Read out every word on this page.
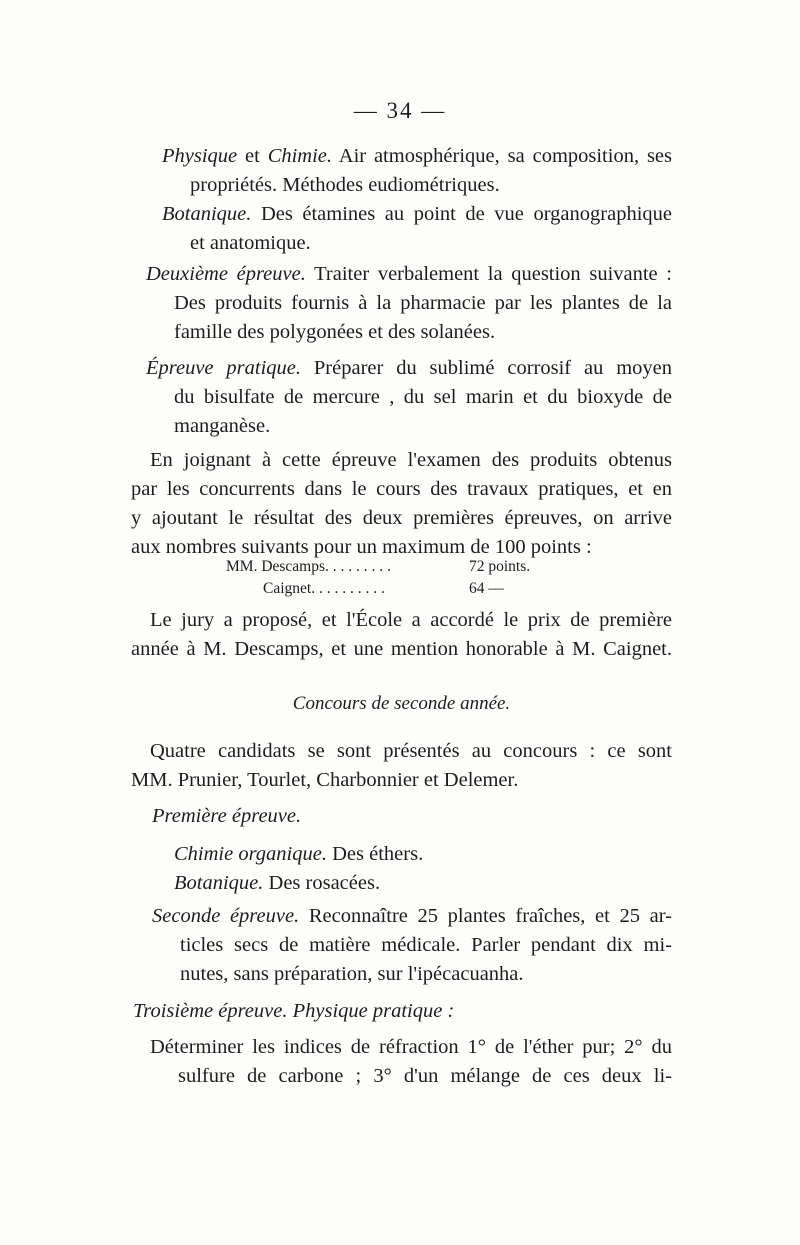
— 34 —
Physique et Chimie. Air atmosphérique, sa composition, ses
propriétés. Méthodes eudiométriques.
Botanique. Des étamines au point de vue organographique
et anatomique.
Deuxième épreuve. Traiter verbalement la question suivante :
Des produits fournis à la pharmacie par les plantes de la
famille des polygonées et des solanées.
Épreuve pratique. Préparer du sublimé corrosif au moyen
du bisulfate de mercure , du sel marin et du bioxyde de
manganèse.
En joignant à cette épreuve l'examen des produits obtenus
par les concurrents dans le cours des travaux pratiques, et en
y ajoutant le résultat des deux premières épreuves, on arrive
aux nombres suivants pour un maximum de 100 points :
MM. Descamps. . . . . . . . .	72 points.
Caignet. . . . . . . . . .	64 —
Le jury a proposé, et l'École a accordé le prix de première
année à M. Descamps, et une mention honorable à M. Caignet.
Concours de seconde année.
Quatre candidats se sont présentés au concours : ce sont
MM. Prunier, Tourlet, Charbonnier et Delemer.
Première épreuve.
Chimie organique. Des éthers.
Botanique. Des rosacées.
Seconde épreuve. Reconnaître 25 plantes fraîches, et 25 ar-
ticles secs de matière médicale. Parler pendant dix mi-
nutes, sans préparation, sur l'ipécacuanha.
Troisième épreuve. Physique pratique :
Déterminer les indices de réfraction 1° de l'éther pur; 2° du
sulfure de carbone ; 3° d'un mélange de ces deux li-
